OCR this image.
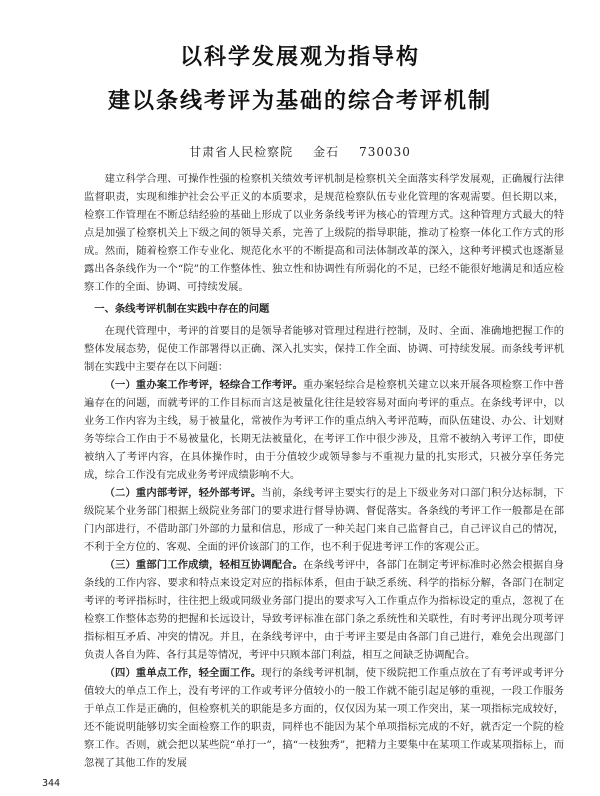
以科学发展观为指导构
建以条线考评为基础的综合考评机制
甘肃省人民检察院 金石 730030

建立科学合理、可操作性强的检察机关绩效考评机制是检察机关全面落实科学发展观，正确履行法律监督职责，实现和维护社会公平正义的本质要求，是规范检察队伍专业化管理的客观需要。但长期以来，检察工作管理在不断总结经验的基础上形成了以业务条线考评为核心的管理方式。这种管理方式最大的特点是加强了检察机关上下级之间的领导关系，完善了上级院的指导职能，推动了检察一体化工作方式的形成。然而，随着检察工作专业化、规范化水平的不断提高和司法体制改革的深入，这种考评模式也逐渐显露出各条线作为一个“院”的工作整体性、独立性和协调性有所弱化的不足，已经不能很好地满足和适应检察工作的全面、协调、可持续发展。

一、条线考评机制在实践中存在的问题

在现代管理中，考评的首要目的是领导者能够对管理过程进行控制，及时、全面、准确地把握工作的整体发展态势，促使工作部署得以正确、深入扎实实，保持工作全面、协调、可持续发展。而条线考评机制在实践中主要存在以下问题：

（一）重办案工作考评，轻综合工作考评。重办案轻综合是检察机关建立以来开展各项检察工作中普遍存在的问题，而就考评的工作目标而言这是被量化往往是较容易对面向考评的重点。在条线考评中，以业务工作内容为主线，易于被量化，常被作为考评工作的重点纳入考评范畴，而队伍建设、办公、计划财务等综合工作由于不易被量化，长期无法被量化，在考评工作中很少涉及，且常不被纳入考评工作，即使被纳入了考评内容，在具体操作时，由于分值较少或领导参与不重视力量的扎实形式，只被分享任务完成，综合工作没有完成业务考评成绩影响不大。

（二）重内部考评，轻外部考评。当前，条线考评主要实行的是上下级业务对口部门积分达标制，下级院某个业务部门根据上级院业务部门的要求进行督导协调、督促落实。各条线的考评工作一般都是在部门内部进行，不借助部门外部的力量和信息，形成了一种关起门来自己监督自己，自己评议自己的情况，不利于全方位的、客观、全面的评价该部门的工作，也不利于促进考评工作的客观公正。

（三）重部门工作成绩，轻相互协调配合。在条线考评中，各部门在制定考评标准时必然会根据自身条线的工作内容、要求和特点来设定对应的指标体系，但由于缺乏系统、科学的指标分解，各部门在制定考评的考评指标时，往往把上级或同级业务部门提出的要求写入工作重点作为指标设定的重点，忽视了在检察工作整体态势的把握和长远设计，导致考评标准在部门条之系统性和关联性，有时考评出现分项考评指标相互矛盾、冲突的情况。并且，在条线考评中，由于考评主要是由各部门自己进行，难免会出现部门负责人各自为阵、各行其是等情况，考评中只顾本部门利益，相互之间缺乏协调配合。

（四）重单点工作，轻全面工作。现行的条线考评机制，使下级院把工作重点放在了有考评或考评分值较大的单点工作上，没有考评的工作或考评分值较小的一般工作就不能引起足够的重视，一段工作服务于单点工作是正确的，但检察机关的职能是多方面的，仅仅因为某一项工作突出，某一项指标完成较好，还不能说明能够切实全面检察工作的职责，同样也不能因为某个单项指标完成的不好，就否定一个院的检察工作。否则，就会把以某些院“单打一”，搞“一枝独秀”，把精力主要集中在某项工作或某项指标上，而忽视了其他工作的发展

344
